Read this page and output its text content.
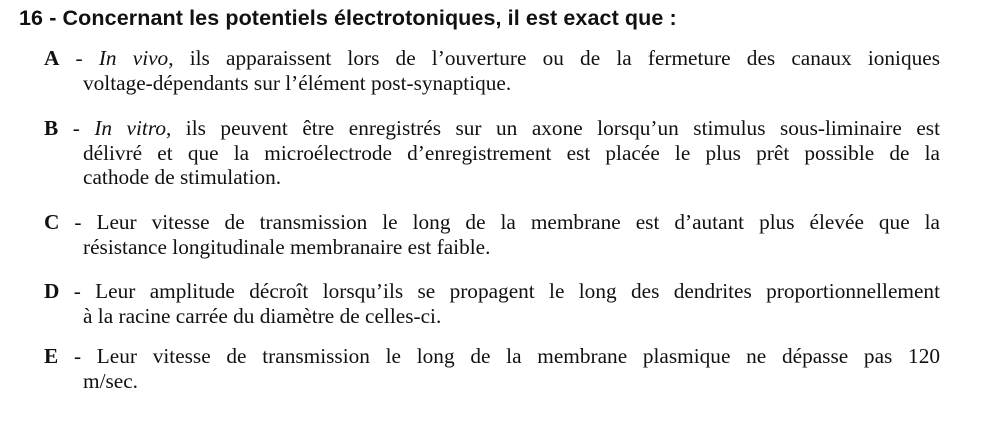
16 - Concernant les potentiels électrotoniques, il est exact que :
A - In vivo, ils apparaissent lors de l’ouverture ou de la fermeture des canaux ioniques
voltage-dépendants sur l’élément post-synaptique.
B - In vitro, ils peuvent être enregistrés sur un axone lorsqu’un stimulus sous-liminaire est
délivré et que la microélectrode d’enregistrement est placée le plus prêt possible de la
cathode de stimulation.
C - Leur vitesse de transmission le long de la membrane est d’autant plus élevée que la
résistance longitudinale membranaire est faible.
D - Leur amplitude décroît lorsqu’ils se propagent le long des dendrites proportionnellement
à la racine carrée du diamètre de celles-ci.
E - Leur vitesse de transmission le long de la membrane plasmique ne dépasse pas 120
m/sec.
